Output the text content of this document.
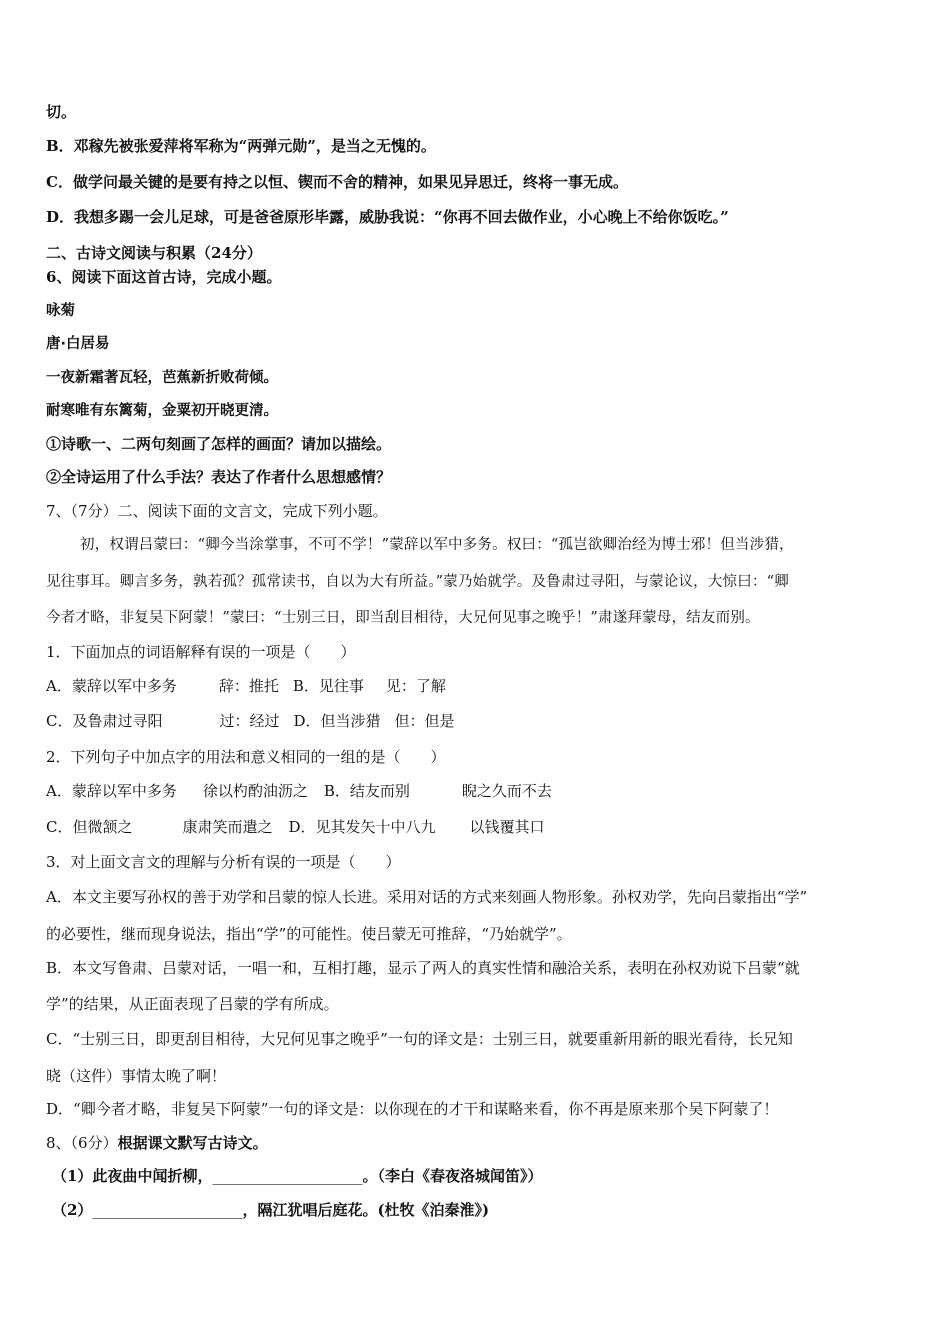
切。
B．邓稼先被张爱萍将军称为“两弹元勋”，是当之无愧的。
C．做学问最关键的是要有持之以恒、锲而不舍的精神，如果见异思迁，终将一事无成。
D．我想多踢一会儿足球，可是爸爸原形毕露，威胁我说：“你再不回去做作业，小心晚上不给你饭吃。”
二、古诗文阅读与积累（24分）
6、阅读下面这首古诗，完成小题。
咏菊
唐·白居易
一夜新霜著瓦轻，芭蕉新折败荷倾。
耐寒唯有东篱菊，金粟初开晓更清。
①诗歌一、二两句刻画了怎样的画面？请加以描绘。
②全诗运用了什么手法？表达了作者什么思想感情？
7、（7分）二、阅读下面的文言文，完成下列小题。
初，权谓吕蒙曰：“卿今当涂掌事，不可不学！”蒙辞以军中多务。权曰：“孤岂欲卿治经为博士邪！但当涉猎，
见往事耳。卿言多务，孰若孤？孤常读书，自以为大有所益。”蒙乃始就学。及鲁肃过寻阳，与蒙论议，大惊曰：“卿
今者才略，非复吴下阿蒙！”蒙曰：“士别三日，即当刮目相待，大兄何见事之晚乎！”肃遂拜蒙母，结友而别。
1．下面加点的词语解释有误的一项是（　　）
A．蒙辞以军中多务	辞：推托 B．见往事 见：了解
C．及鲁肃过寻阳	过：经过 D．但当涉猎 但：但是
2．下列句子中加点字的用法和意义相同的一组的是（　　）
A．蒙辞以军中多务 徐以杓酌油沥之 B．结友而别	睨之久而不去
C．但微颔之	康肃笑而遣之 D．见其发矢十中八九 以钱覆其口
3．对上面文言文的理解与分析有误的一项是（　　）
A．本文主要写孙权的善于劝学和吕蒙的惊人长进。采用对话的方式来刻画人物形象。孙权劝学，先向吕蒙指出“学”
的必要性，继而现身说法，指出“学”的可能性。使吕蒙无可推辞，“乃始就学”。
B．本文写鲁肃、吕蒙对话，一唱一和，互相打趣，显示了两人的真实性情和融洽关系，表明在孙权劝说下吕蒙“就
学”的结果，从正面表现了吕蒙的学有所成。
C．“士别三日，即更刮目相待，大兄何见事之晚乎”一句的译文是：士别三日，就要重新用新的眼光看待，长兄知
晓（这件）事情太晚了啊！
D．“卿今者才略，非复吴下阿蒙”一句的译文是：以你现在的才干和谋略来看，你不再是原来那个吴下阿蒙了！
8、（6分）根据课文默写古诗文。
（1）此夜曲中闻折柳，____________________。（李白《春夜洛城闻笛》）
（2）____________________，隔江犹唱后庭花。(杜牧《泊秦淮》)
